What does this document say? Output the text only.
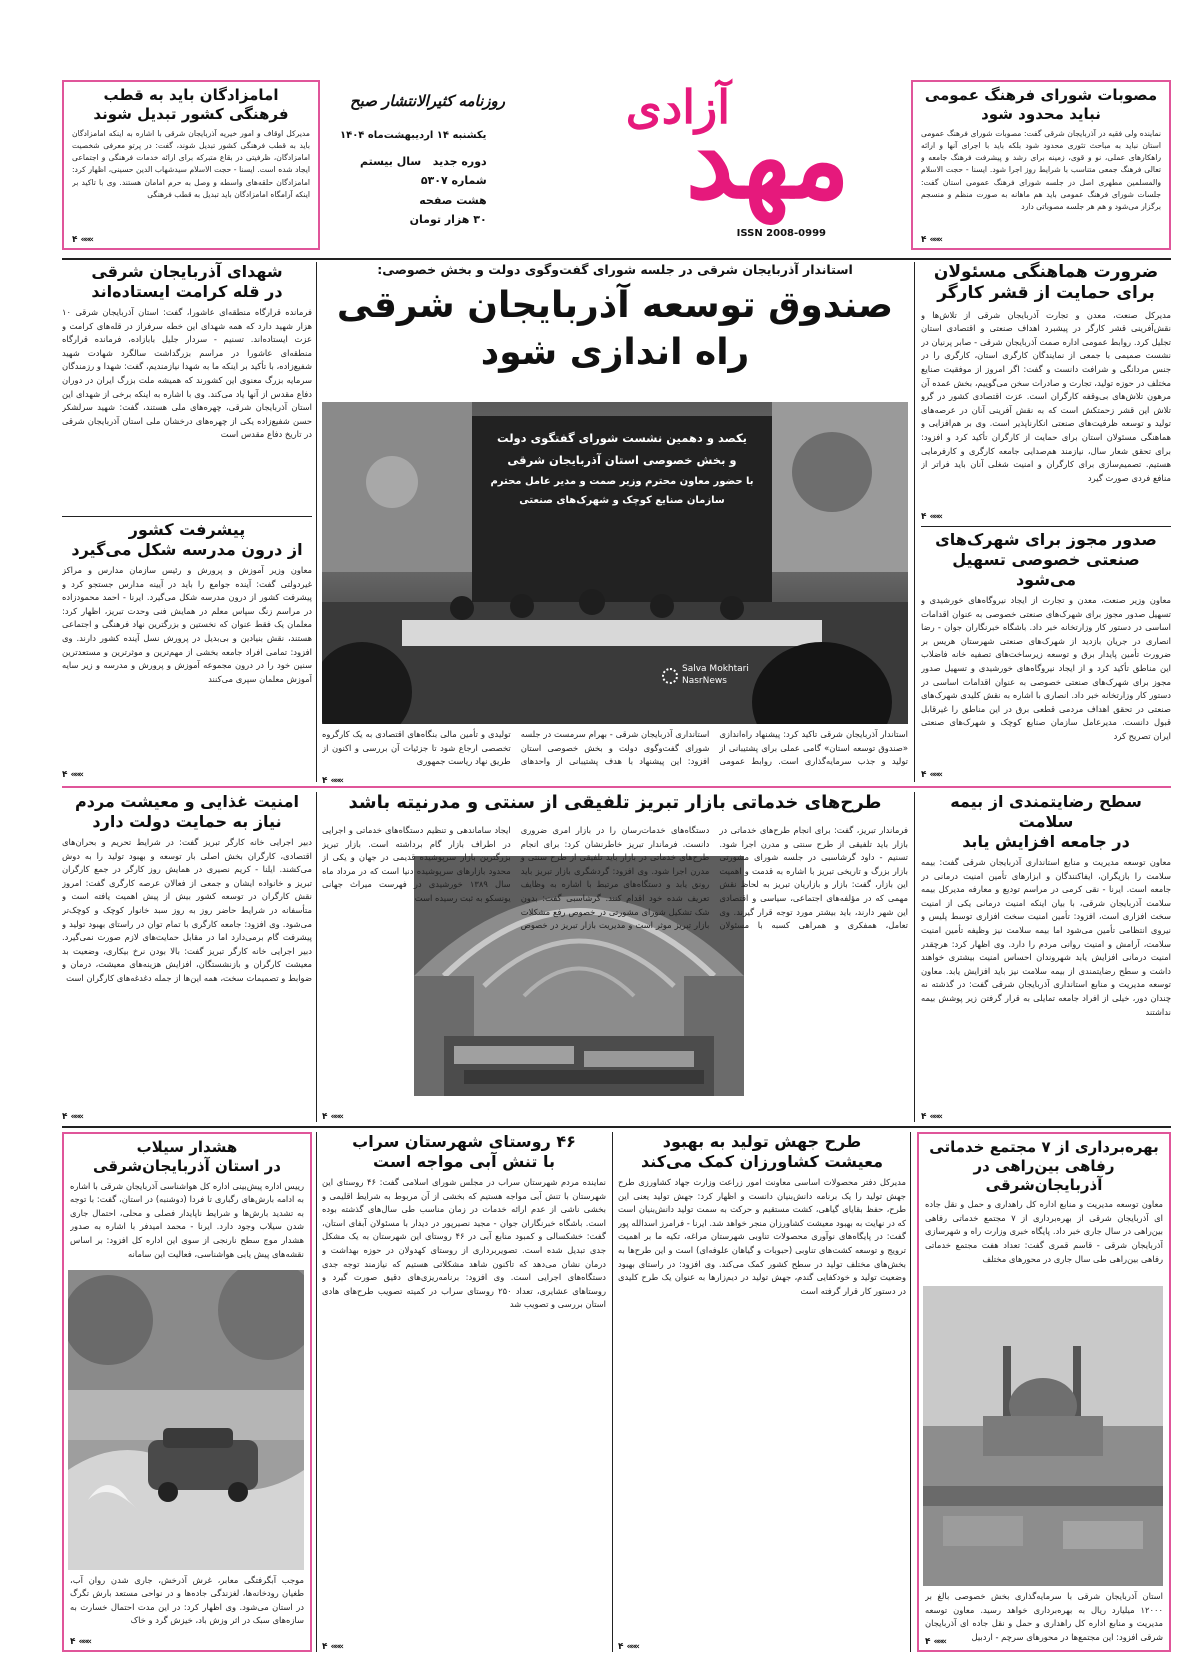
مصوبات شورای فرهنگ عمومی
نباید محدود شود
نماینده ولی فقیه در آذربایجان شرقی گفت: مصوبات شورای فرهنگ عمومی استان نباید به مباحث تئوری محدود شود بلکه باید با اجرای آنها و ارائه راهکارهای عملی، نو و قوی، زمینه برای رشد و پیشرفت فرهنگ جامعه و تعالی فرهنگ جمعی متناسب با شرایط روز اجرا شود. ایسنا - حجت الاسلام والمسلمین مطهری اصل در جلسه شورای فرهنگ عمومی استان گفت: جلسات شورای فرهنگ عمومی باید هم ماهانه به صورت منظم و منسجم برگزار می‌شود و هم هر جلسه مصوباتی دارد
۴ «««
امامزادگان باید به قطب
فرهنگی کشور تبدیل شوند
مدیرکل اوقاف و امور خیریه آذربایجان شرقی با اشاره به اینکه امامزادگان باید به قطب فرهنگی کشور تبدیل شوند، گفت: در پرتو معرفی شخصیت امامزادگان، ظرفیتی در بقاع متبرکه برای ارائه خدمات فرهنگی و اجتماعی ایجاد شده است. ایسنا - حجت الاسلام سیدشهاب الدین حسینی، اظهار کرد: امامزادگان حلقه‌های واسطه و وصل به حرم امامان هستند. وی با تاکید بر اینکه آرامگاه امامزادگان باید تبدیل به قطب فرهنگی
۴ «««
مهد
آزادی
روزنامه کثیرالانتشار صبح
یکشنبه ۱۴ اردیبهشت‌ماه ۱۴۰۴
دوره جدید   سال بیستم
شماره ۵۳۰۷
هشت صفحه
۳۰ هزار تومان
ISSN 2008-0999
ضرورت هماهنگی مسئولان
برای حمایت از قشر کارگر
مدیرکل صنعت، معدن و تجارت آذربایجان شرقی از تلاش‌ها و نقش‌آفرینی قشر کارگر در پیشبرد اهداف صنعتی و اقتصادی استان تجلیل کرد. روابط عمومی اداره صمت آذربایجان شرقی - صابر پرنیان در نشست صمیمی با جمعی از نمایندگان کارگری استان، کارگری را در جنس مردانگی و شرافت دانست و گفت: اگر امروز از موفقیت صنایع مختلف در حوزه تولید، تجارت و صادرات سخن می‌گوییم، بخش عمده آن مرهون تلاش‌های بی‌وقفه کارگران است. عزت اقتصادی کشور در گرو تلاش این قشر زحمتکش است که به نقش آفرینی آنان در عرصه‌های تولید و توسعه ظرفیت‌های صنعتی انکارناپذیر است. وی بر هم‌افزایی و هماهنگی مسئولان استان برای حمایت از کارگران تأکید کرد و افزود: برای تحقق شعار سال، نیازمند هم‌صدایی جامعه کارگری و کارفرمایی هستیم. تصمیم‌سازی برای کارگران و امنیت شغلی آنان باید فراتر از منافع فردی صورت گیرد
۴ «««
صدور مجوز برای شهرک‌های
صنعتی خصوصی تسهیل می‌شود
معاون وزیر صنعت، معدن و تجارت از ایجاد نیروگاه‌های خورشیدی و تسهیل صدور مجوز برای شهرک‌های صنعتی خصوصی به عنوان اقدامات اساسی در دستور کار وزارتخانه خبر داد. باشگاه خبرنگاران جوان - رضا انصاری در جریان بازدید از شهرک‌های صنعتی شهرستان هریس بر ضرورت تأمین پایدار برق و توسعه زیرساخت‌های تصفیه خانه فاضلاب این مناطق تأکید کرد و از ایجاد نیروگاه‌های خورشیدی و تسهیل صدور مجوز برای شهرک‌های صنعتی خصوصی به عنوان اقدامات اساسی در دستور کار وزارتخانه خبر داد. انصاری با اشاره به نقش کلیدی شهرک‌های صنعتی در تحقق اهداف مردمی قطعی برق در این مناطق را غیرقابل قبول دانست. مدیرعامل سازمان صنایع کوچک و شهرک‌های صنعتی ایران تصریح کرد
۴ «««
استاندار آذربایجان شرقی در جلسه شورای گفت‌وگوی دولت و بخش خصوصی:
صندوق توسعه آذربایجان شرقی
راه اندازی شود
یکصد و دهمین نشست شورای گفتگوی دولت
و بخش خصوصی استان آذربایجان شرقی
با حضور معاون محترم وزیر صمت و مدیر عامل محترم
سازمان صنایع کوچک و شهرک‌های صنعتی
Salva Mokhtari
NasrNews
استاندار آذربایجان شرقی تاکید کرد: پیشنهاد راه‌اندازی «صندوق توسعه استان» گامی عملی برای پشتیبانی از تولید و جذب سرمایه‌گذاری است. روابط عمومی استانداری آذربایجان شرقی - بهرام سرمست در جلسه شورای گفت‌وگوی دولت و بخش خصوصی استان افزود: این پیشنهاد با هدف پشتیبانی از واحدهای تولیدی و تأمین مالی بنگاه‌های اقتصادی به یک کارگروه تخصصی ارجاع شود تا جزئیات آن بررسی و اکنون از طریق نهاد ریاست جمهوری
۴ «««
شهدای آذربایجان شرقی
در قله کرامت ایستاده‌اند
فرمانده قرارگاه منطقه‌ای عاشورا، گفت: استان آذربایجان شرقی ۱۰ هزار شهید دارد که همه شهدای این خطه سرفراز در قله‌های کرامت و عزت ایستاده‌اند. تسنیم - سردار جلیل بابازاده، فرمانده قرارگاه منطقه‌ای عاشورا در مراسم بزرگداشت سالگرد شهادت شهید شفیع‌زاده، با تأکید بر اینکه ما به شهدا نیازمندیم، گفت: شهدا و رزمندگان سرمایه بزرگ معنوی این کشورند که همیشه ملت بزرگ ایران در دوران دفاع مقدس از آنها یاد می‌کند. وی با اشاره به اینکه برخی از شهدای این استان آذربایجان شرقی، چهره‌های ملی هستند، گفت: شهید سرلشکر حسن شفیع‌زاده یکی از چهره‌های درخشان ملی استان آذربایجان شرقی در تاریخ دفاع مقدس است
پیشرفت کشور
از درون مدرسه شکل می‌گیرد
معاون وزیر آموزش و پرورش و رئیس سازمان مدارس و مراکز غیردولتی گفت: آینده جوامع را باید در آیینه مدارس جستجو کرد و پیشرفت کشور از درون مدرسه شکل می‌گیرد. ایرنا - احمد محمودزاده در مراسم زنگ سپاس معلم در همایش فنی وحدت تبریز، اظهار کرد: معلمان یک فقط عنوان که نخستین و بزرگترین نهاد فرهنگی و اجتماعی هستند، نقش بنیادین و بی‌بدیل در پرورش نسل آینده کشور دارند. وی افزود: تمامی افراد جامعه بخشی از مهم‌ترین و موثرترین و مستعدترین سنین خود را در درون مجموعه آموزش و پرورش و مدرسه و زیر سایه آموزش معلمان سپری می‌کنند
۴ «««
سطح رضایتمندی از بیمه سلامت
در جامعه افزایش یابد
معاون توسعه مدیریت و منابع استانداری آذربایجان شرقی گفت: بیمه سلامت را بازیگران، ایفاکنندگان و ابزارهای تأمین امنیت درمانی در جامعه است. ایرنا - نقی کرمی در مراسم تودیع و معارفه مدیرکل بیمه سلامت آذربایجان شرقی، با بیان اینکه امنیت درمانی یکی از امنیت سخت افزاری است، افزود: تأمین امنیت سخت افزاری توسط پلیس و نیروی انتظامی تأمین می‌شود اما بیمه سلامت نیز وظیفه تأمین امنیت سلامت، آرامش و امنیت روانی مردم را دارد. وی اظهار کرد: هرچقدر امنیت درمانی افزایش یابد شهروندان احساس امنیت بیشتری خواهند داشت و سطح رضایتمندی از بیمه سلامت نیز باید افزایش یابد. معاون توسعه مدیریت و منابع استانداری آذربایجان شرقی گفت: در گذشته نه چندان دور، خیلی از افراد جامعه تمایلی به قرار گرفتن زیر پوشش بیمه نداشتند
۴ «««
طرح‌های خدماتی بازار تبریز تلفیقی از سنتی و مدرنیته باشد
فرماندار تبریز، گفت: برای انجام طرح‌های خدماتی در بازار باید تلفیقی از طرح سنتی و مدرن اجرا شود. تسنیم - داود گرشاسبی در جلسه شورای مشورتی بازار بزرگ و تاریخی تبریز با اشاره به قدمت و اهمیت این بازار، گفت: بازار و بازاریان تبریز به لحاظ نقش مهمی که در مؤلفه‌های اجتماعی، سیاسی و اقتصادی این شهر دارند، باید بیشتر مورد توجه قرار گیرند. وی تعامل، همفکری و همراهی کسبه با مسئولان دستگاه‌های خدمات‌رسان را در بازار امری ضروری دانست. فرماندار تبریز خاطرنشان کرد: برای انجام طرح‌های خدماتی در بازار باید تلفیقی از طرح سنتی و مدرن اجرا شود. وی افزود: گردشگری بازار تبریز باید رونق یابد و دستگاه‌های مرتبط با اشاره به وظایف تعریف شده خود اقدام کنند. گرشاسبی گفت: بدون شک تشکیل شورای مشورتی در خصوص رفع مشکلات بازار تبریز موثر است و مدیریت بازار تبریز در خصوص ایجاد ساماندهی و تنظیم دستگاه‌های خدماتی و اجرایی در اطراف بازار گام برداشته است. بازار تبریز بزرگترین بازار سرپوشیده قدیمی در جهان و یکی از محدود بازارهای سرپوشیده دنیا است که در مرداد ماه سال ۱۳۸۹ خورشیدی در فهرست میراث جهانی یونسکو به ثبت رسیده است
۴ «««
امنیت غذایی و معیشت مردم
نیاز به حمایت دولت دارد
دبیر اجرایی خانه کارگر تبریز گفت: در شرایط تحریم و بحران‌های اقتصادی، کارگران بخش اصلی بار توسعه و بهبود تولید را به دوش می‌کشند. ایلنا - کریم نصیری در همایش روز کارگر در جمع کارگران تبریز و خانواده ایشان و جمعی از فعالان عرصه کارگری گفت: امروز نقش کارگران در توسعه کشور بیش از پیش اهمیت یافته است و متأسفانه در شرایط حاضر روز به روز سبد خانوار کوچک و کوچک‌تر می‌شود. وی افزود: جامعه کارگری با تمام توان در راستای بهبود تولید و پیشرفت گام برمی‌دارد اما در مقابل حمایت‌های لازم صورت نمی‌گیرد. دبیر اجرایی خانه کارگر تبریز گفت: بالا بودن نرخ بیکاری، وضعیت بد معیشت کارگران و بازنشستگان، افزایش هزینه‌های معیشت، درمان و ضوابط و تصمیمات سخت، همه این‌ها از جمله دغدغه‌های کارگران است
۴ «««
بهره‌برداری از ۷ مجتمع خدماتی
رفاهی بین‌راهی در آذربایجان‌شرقی
معاون توسعه مدیریت و منابع اداره کل راهداری و حمل و نقل جاده ای آذربایجان شرقی از بهره‌برداری از ۷ مجتمع خدماتی رفاهی بین‌راهی در سال جاری خبر داد. پایگاه خبری وزارت راه و شهرسازی آذربایجان شرقی - قاسم قمری گفت: تعداد هفت مجتمع خدماتی رفاهی بین‌راهی طی سال جاری در محورهای مختلف
استان آذربایجان شرقی با سرمایه‌گذاری بخش خصوصی بالغ بر ۱۲۰۰۰ میلیارد ریال به بهره‌برداری خواهد رسید. معاون توسعه مدیریت و منابع اداره کل راهداری و حمل و نقل جاده ای آذربایجان شرقی افزود: این مجتمع‌ها در محورهای سرچم - اردبیل
۴ «««
طرح جهش تولید به بهبود
معیشت کشاورزان کمک می‌کند
مدیرکل دفتر محصولات اساسی معاونت امور زراعت وزارت جهاد کشاورزی طرح جهش تولید را یک برنامه دانش‌بنیان دانست و اظهار کرد: جهش تولید یعنی این طرح، حفظ بقایای گیاهی، کشت مستقیم و حرکت به سمت تولید دانش‌بنیان است که در نهایت به بهبود معیشت کشاورزان منجر خواهد شد. ایرنا - فرامرز اسدالله پور گفت: در پایگاه‌های نوآوری محصولات تناوبی شهرستان مراغه، تکیه ما بر اهمیت ترویج و توسعه کشت‌های تناوبی (حبوبات و گیاهان علوفه‌ای) است و این طرح‌ها به بخش‌های مختلف تولید در سطح کشور کمک می‌کند. وی افزود: در راستای بهبود وضعیت تولید و خودکفایی گندم، جهش تولید در دیم‌زارها به عنوان یک طرح کلیدی در دستور کار قرار گرفته است
۴ «««
۴۶ روستای شهرستان سراب
با تنش آبی مواجه است
نماینده مردم شهرستان سراب در مجلس شورای اسلامی گفت: ۴۶ روستای این شهرستان با تنش آبی مواجه هستیم که بخشی از آن مربوط به شرایط اقلیمی و بخشی ناشی از عدم ارائه خدمات در زمان مناسب طی سال‌های گذشته بوده است. باشگاه خبرنگاران جوان - مجید نصیرپور در دیدار با مسئولان آبفای استان، گفت: خشکسالی و کمبود منابع آبی در ۴۶ روستای این شهرستان به یک مشکل جدی تبدیل شده است. تصویربرداری از روستای کهدولان در حوزه بهداشت و درمان نشان می‌دهد که تاکنون شاهد مشکلاتی هستیم که نیازمند توجه جدی دستگاه‌های اجرایی است. وی افزود: برنامه‌ریزی‌های دقیق صورت گیرد و روستاهای عشایری، تعداد ۲۵۰ روستای سراب در کمیته تصویب طرح‌های هادی استان بررسی و تصویب شد
۴ «««
هشدار سیلاب
در استان آذربایجان‌شرقی
رییس اداره پیش‌بینی اداره کل هواشناسی آذربایجان شرقی با اشاره به ادامه بارش‌های رگباری تا فردا (دوشنبه) در استان، گفت: با توجه به تشدید بارش‌ها و شرایط ناپایدار فصلی و محلی، احتمال جاری شدن سیلاب وجود دارد. ایرنا - محمد امیدفر با اشاره به صدور هشدار موج سطح نارنجی از سوی این اداره کل افزود: بر اساس نقشه‌های پیش یابی هواشناسی، فعالیت این سامانه
موجب آبگرفتگی معابر، غرش آذرخش، جاری شدن روان آب، طغیان رودخانه‌ها، لغزندگی جاده‌ها و در نواحی مستعد بارش تگرگ در استان می‌شود. وی اظهار کرد: در این مدت احتمال خسارت به سازه‌های سبک در اثر وزش باد، خیزش گرد و خاک
۴ «««
